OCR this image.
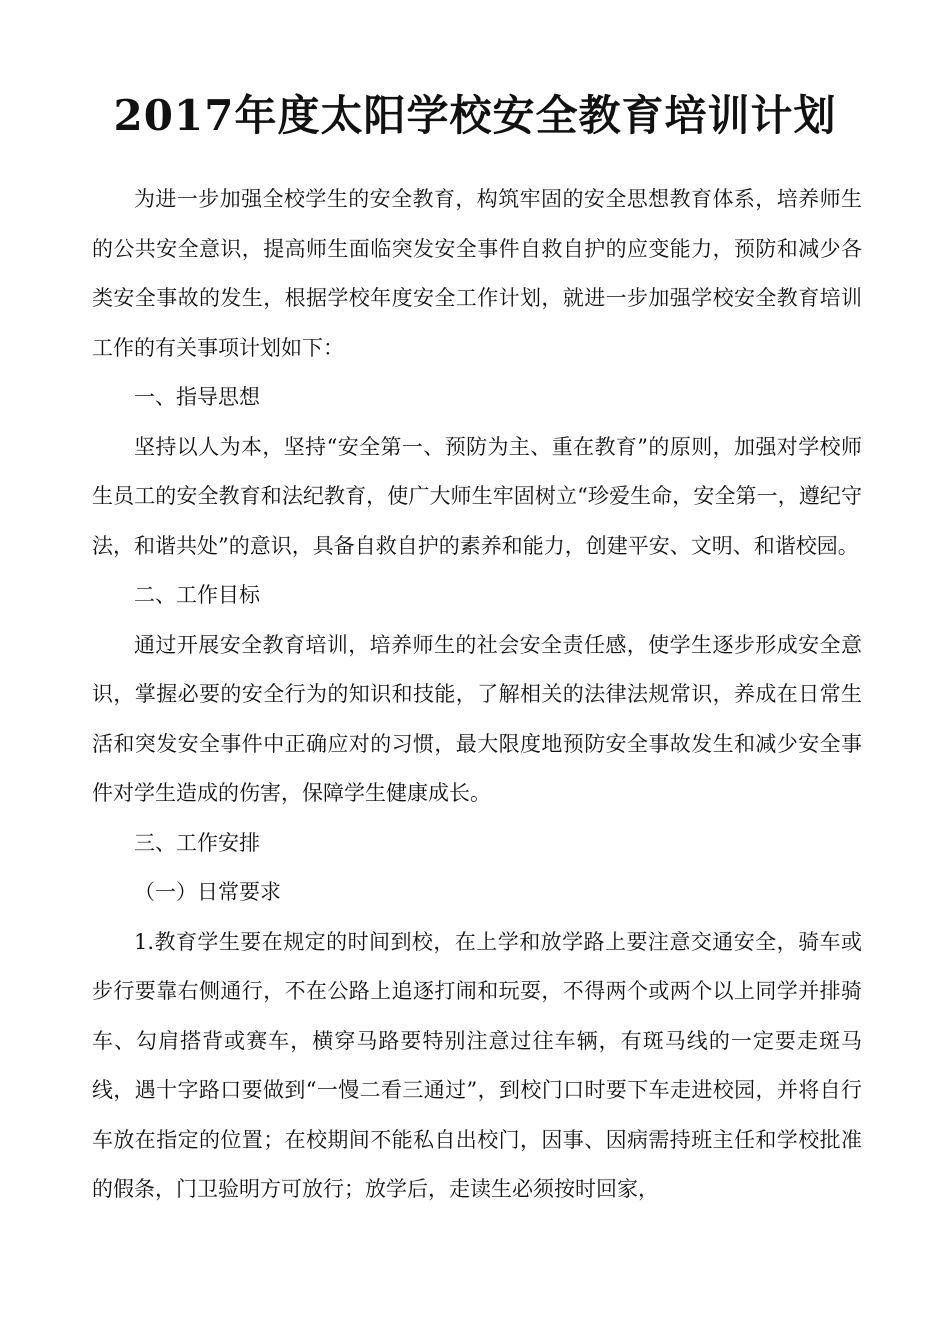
2017年度太阳学校安全教育培训计划

为进一步加强全校学生的安全教育，构筑牢固的安全思想教育体系，培养师生的公共安全意识，提高师生面临突发安全事件自救自护的应变能力，预防和减少各类安全事故的发生，根据学校年度安全工作计划，就进一步加强学校安全教育培训工作的有关事项计划如下：

一、指导思想

坚持以人为本，坚持“安全第一、预防为主、重在教育”的原则，加强对学校师生员工的安全教育和法纪教育，使广大师生牢固树立“珍爱生命，安全第一，遵纪守法，和谐共处”的意识，具备自救自护的素养和能力，创建平安、文明、和谐校园。

二、工作目标

通过开展安全教育培训，培养师生的社会安全责任感，使学生逐步形成安全意识，掌握必要的安全行为的知识和技能，了解相关的法律法规常识，养成在日常生活和突发安全事件中正确应对的习惯，最大限度地预防安全事故发生和减少安全事件对学生造成的伤害，保障学生健康成长。

三、工作安排

（一）日常要求

1.教育学生要在规定的时间到校，在上学和放学路上要注意交通安全，骑车或步行要靠右侧通行，不在公路上追逐打闹和玩耍，不得两个或两个以上同学并排骑车、勾肩搭背或赛车，横穿马路要特别注意过往车辆，有斑马线的一定要走斑马线，遇十字路口要做到“一慢二看三通过”，到校门口时要下车走进校园，并将自行车放在指定的位置；在校期间不能私自出校门，因事、因病需持班主任和学校批准的假条，门卫验明方可放行；放学后，走读生必须按时回家，
